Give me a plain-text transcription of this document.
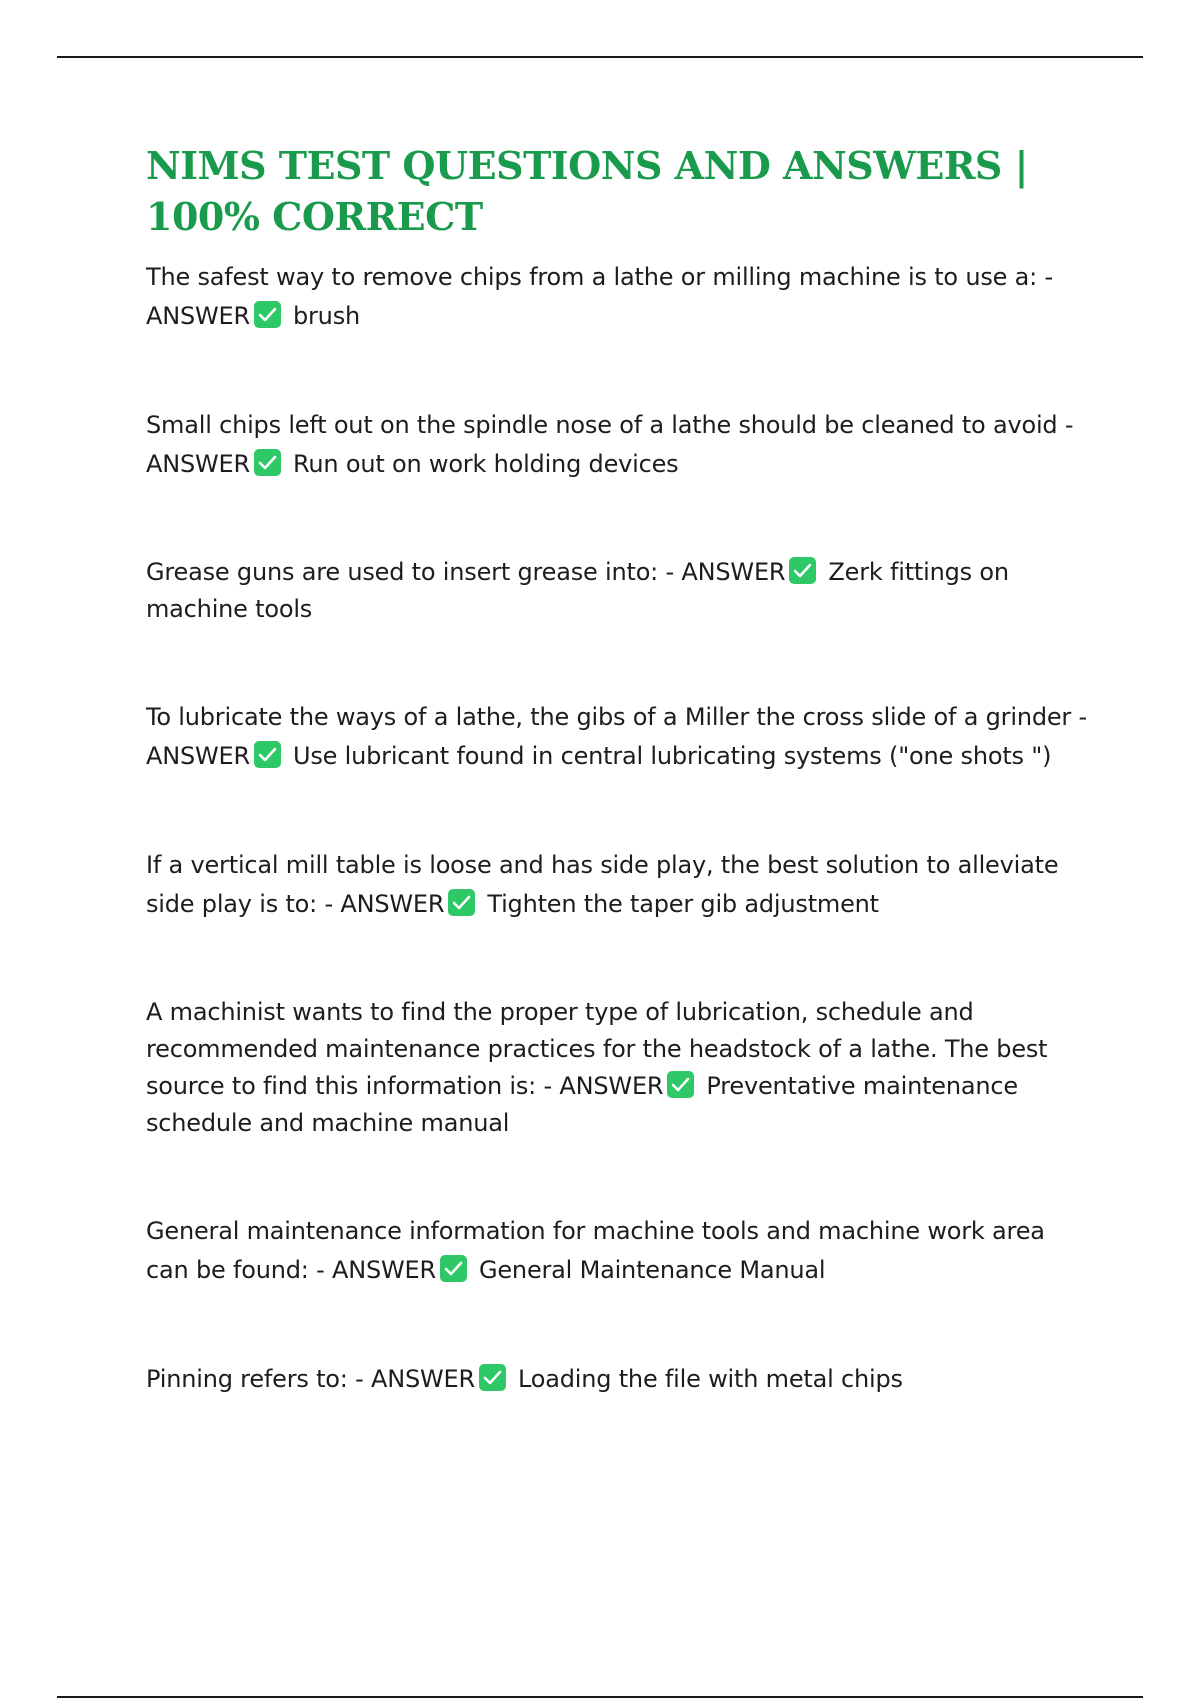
NIMS TEST QUESTIONS AND ANSWERS | 100% CORRECT

The safest way to remove chips from a lathe or milling machine is to use a: - ANSWER brush

Small chips left out on the spindle nose of a lathe should be cleaned to avoid - ANSWER Run out on work holding devices

Grease guns are used to insert grease into: - ANSWER Zerk fittings on machine tools

To lubricate the ways of a lathe, the gibs of a Miller the cross slide of a grinder - ANSWER Use lubricant found in central lubricating systems ("one shots ")

If a vertical mill table is loose and has side play, the best solution to alleviate side play is to: - ANSWER Tighten the taper gib adjustment

A machinist wants to find the proper type of lubrication, schedule and recommended maintenance practices for the headstock of a lathe. The best source to find this information is: - ANSWER Preventative maintenance schedule and machine manual

General maintenance information for machine tools and machine work area can be found: - ANSWER General Maintenance Manual

Pinning refers to: - ANSWER Loading the file with metal chips
